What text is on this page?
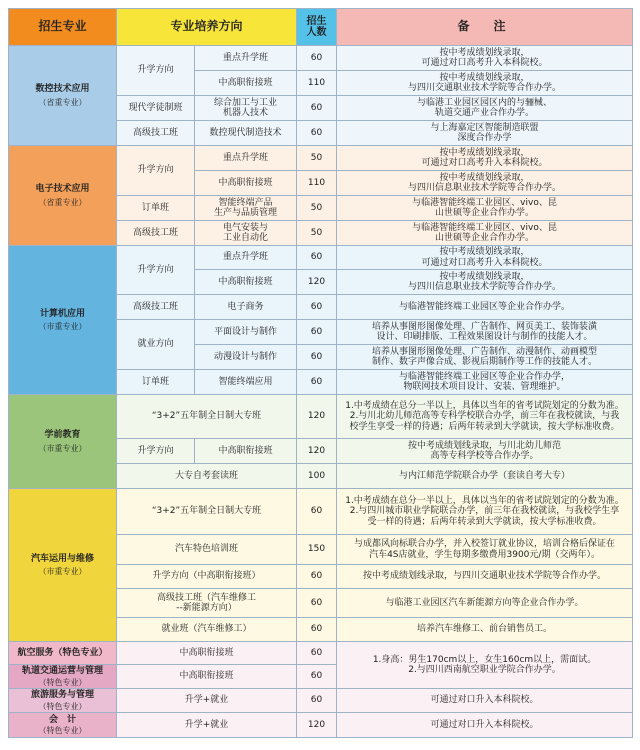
招生专业	专业培养方向		招生
人数	备　注
数控技术应用
（省重专业）	升学方向	重点升学班	60	按中考成绩划线录取，
可通过对口高考升入本科院校。
		中高职衔接班	110	按中考成绩划线录取，
与四川交通职业技术学院等合作办学。
	现代学徒制班	综合加工与工业
机器人技术	60	与临港工业园区园区内的与骊械、
轨道交通产业合作办学。
	高级技工班	数控现代制造技术	60	与上海嘉定区智能制造联盟
深度合作办学
电子技术应用
（省重专业）	升学方向	重点升学班	50	按中考成绩划线录取，
可通过对口高考升入本科院校。
		中高职衔接班	110	按中考成绩划线录取，
与四川信息职业技术学院等合作办学。
	订单班	智能终端产品
生产与品质管理	50	与临港智能终端工业园区、vivo、昆
山世硕等企业合作办学。
	高级技工班	电气安装与
工业自动化	50	与临港智能终端工业园区、vivo、昆
山世硕等企业合作办学。
计算机应用
（市重专业）	升学方向	重点升学班	60	按中考成绩划线录取，
可通过对口高考升入本科院校。
		中高职衔接班	120	按中考成绩划线录取，
与四川信息职业技术学院等合作办学。
	高级技工班	电子商务	60	与临港智能终端工业园区等企业合作办学。
	就业方向	平面设计与制作	60	培养从事图形图像处理、广告制作、网页美工、装饰装潢
设计、印刷排版、工程效果图设计与制作的技能人才。
		动漫设计与制作	60	培养从事图形图像处理、广告制作、动漫制作、动画模型
制作、数字声像合成、影视后期制作等工作的技能人才。
	订单班	智能终端应用	60	与临港智能终端工业园区等企业合作办学，
物联网技术项目设计、安装、管理维护。
学前教育
（市重专业）	“3+2”五年制全日制大专班		120	1.中考成绩在总分一半以上，具体以当年的省考试院划定的分数为准。
2.与川北幼儿师范高等专科学校联合办学，前三年在我校就读，与我
校学生享受一样的待遇；后两年转录到大学就读，按大学标准收费。
	升学方向	中高职衔接班	120	按中考成绩划线录取，与川北幼儿师范
高等专科学校等合作办学。
	大专自考套读班		100	与内江师范学院联合办学（套读自考大专）
汽车运用与维修
（市重专业）	“3+2”五年制全日制大专班		60	1.中考成绩在总分一半以上，具体以当年的省考试院划定的分数为准。
2.与四川城市职业学院联合办学，前三年在我校就读，与我校学生享
受一样的待遇；后两年转录到大学就读，按大学标准收费。
	汽车特色培训班		150	与成都风向标联合办学，并入校签订就业协议，培训合格后保证在
汽车4S店就业，学生每期多缴费用3900元/期（交两年）。
	升学方向（中高职衔接班）		60	按中考成绩划线录取，与四川交通职业技术学院等合作办学。
	高级技工班（汽车维修工
--新能源方向）		60	与临港工业园区汽车新能源方向等企业合作办学。
	就业班（汽车维修工）		60	培养汽车维修工、前台销售员工。
航空服务（特色专业）	中高职衔接班		60	1.身高：男生170cm以上，女生160cm以上，需面试。
2.与四川西南航空职业学院合作办学。
轨道交通运营与管理
（特色专业）	中高职衔接班		60	
旅游服务与管理
（特色专业）	升学+就业		60	可通过对口升入本科院校。
会　计
（特色专业）	升学+就业		120	可通过对口升入本科院校。
